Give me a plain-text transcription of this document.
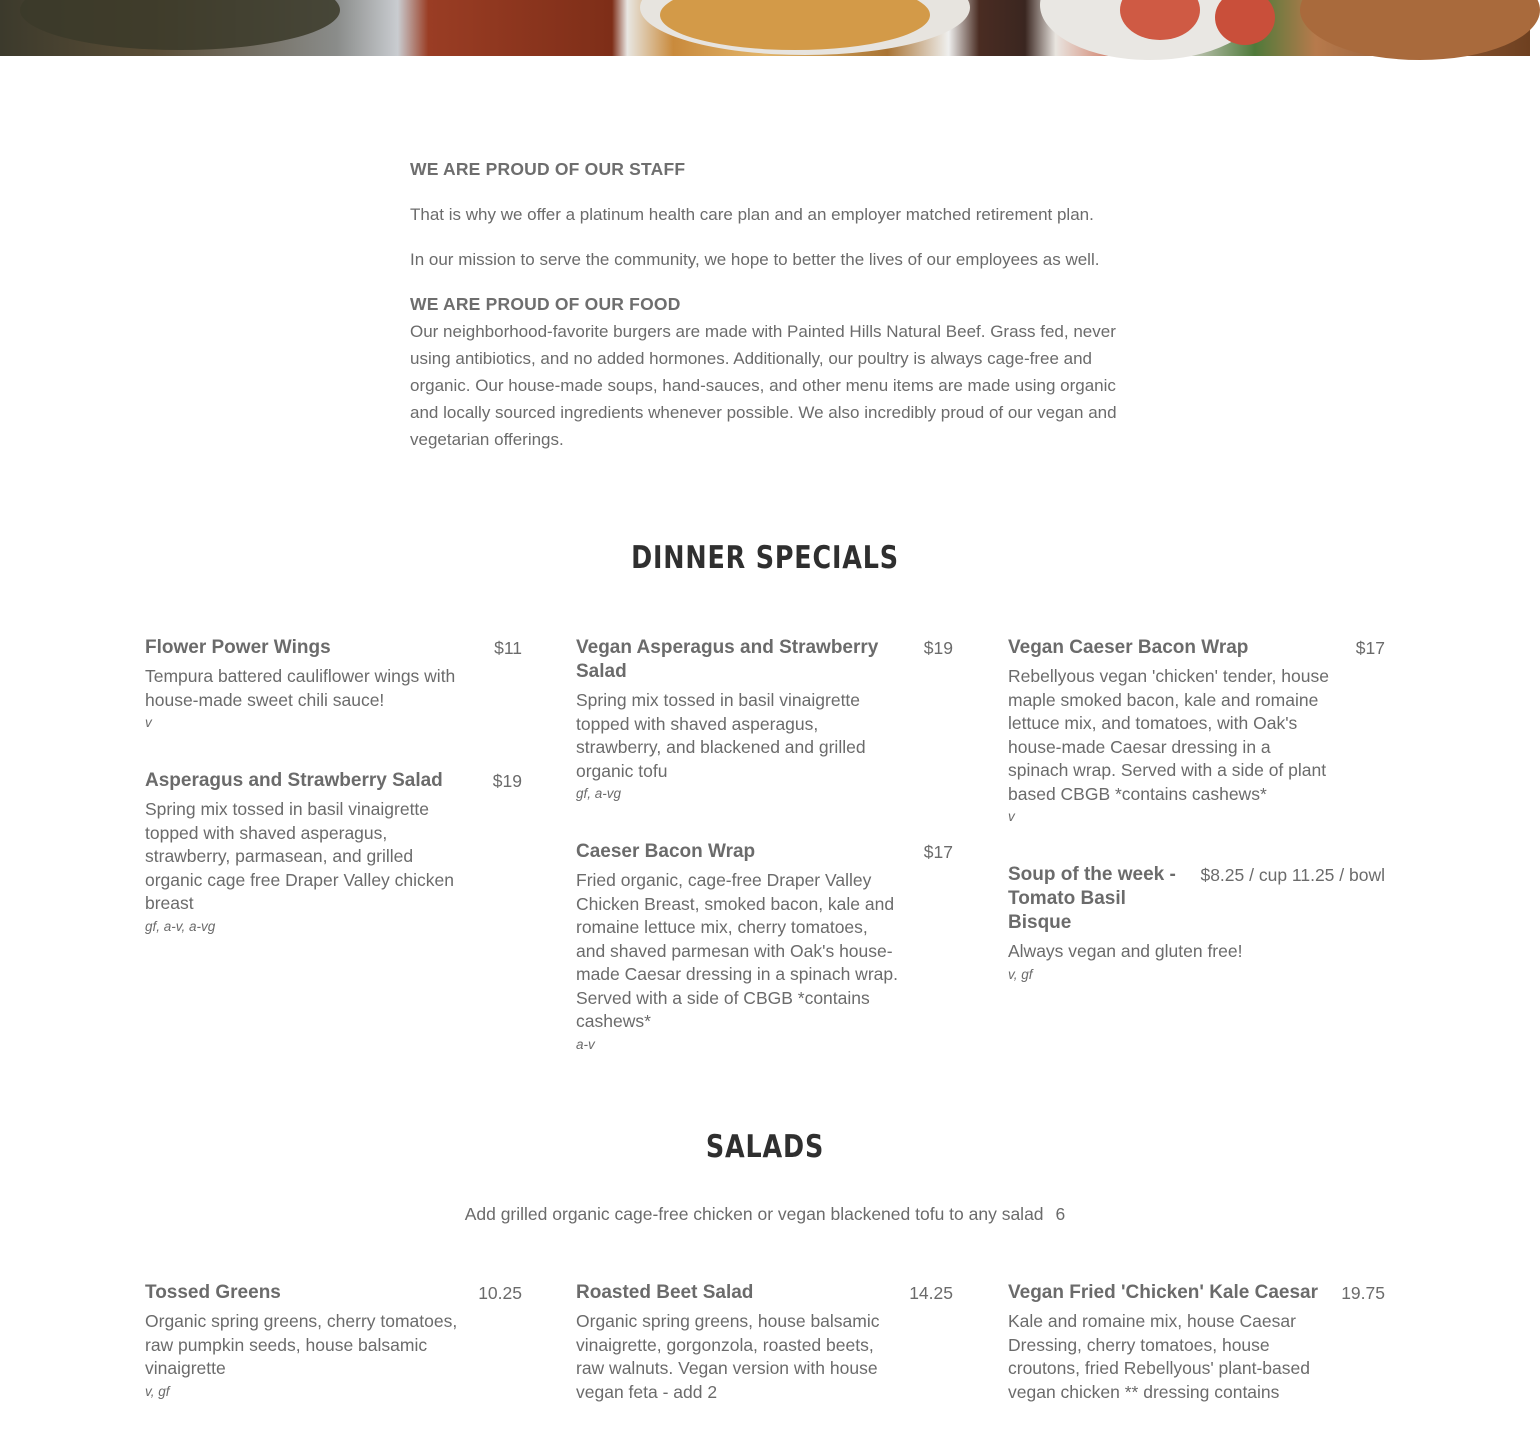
WE ARE PROUD OF OUR STAFF

That is why we offer a platinum health care plan and an employer matched retirement plan.

In our mission to serve the community, we hope to better the lives of our employees as well.

WE ARE PROUD OF OUR FOOD

Our neighborhood-favorite burgers are made with Painted Hills Natural Beef. Grass fed, never using antibiotics, and no added hormones. Additionally, our poultry is always cage-free and organic. Our house-made soups, hand-sauces, and other menu items are made using organic and locally sourced ingredients whenever possible. We also incredibly proud of our vegan and vegetarian offerings.

DINNER SPECIALS
Flower Power Wings	$11
Tempura battered cauliflower wings with house-made sweet chili sauce!
v
Asperagus and Strawberry Salad	$19
Spring mix tossed in basil vinaigrette topped with shaved asperagus, strawberry, parmasean, and grilled organic cage free Draper Valley chicken breast
gf, a-v, a-vg
Vegan Asperagus and Strawberry Salad
$19
Spring mix tossed in basil vinaigrette topped with shaved asperagus, strawberry, and blackened and grilled organic tofu
gf, a-vg
Caeser Bacon Wrap	$17
Fried organic, cage-free Draper Valley Chicken Breast, smoked bacon, kale and romaine lettuce mix, cherry tomatoes, and shaved parmesan with Oak's house-made Caesar dressing in a spinach wrap. Served with a side of CBGB *contains cashews*
a-v
Vegan Caeser Bacon Wrap	$17
Rebellyous vegan 'chicken' tender, house maple smoked bacon, kale and romaine lettuce mix, and tomatoes, with Oak's house-made Caesar dressing in a spinach wrap. Served with a side of plant based CBGB *contains cashews*
v
Soup of the week - Tomato Basil Bisque
$8.25 / cup 11.25 / bowl
Always vegan and gluten free!
v, gf
SALADS
Add grilled organic cage-free chicken or vegan blackened tofu to any salad 6
Tossed Greens	10.25
Organic spring greens, cherry tomatoes, raw pumpkin seeds, house balsamic vinaigrette
v, gf
Roasted Beet Salad	14.25
Organic spring greens, house balsamic vinaigrette, gorgonzola, roasted beets, raw walnuts. Vegan version with house vegan feta - add 2
Vegan Fried 'Chicken' Kale Caesar	19.75
Kale and romaine mix, house Caesar Dressing, cherry tomatoes, house croutons, fried Rebellyous' plant-based vegan chicken ** dressing contains
